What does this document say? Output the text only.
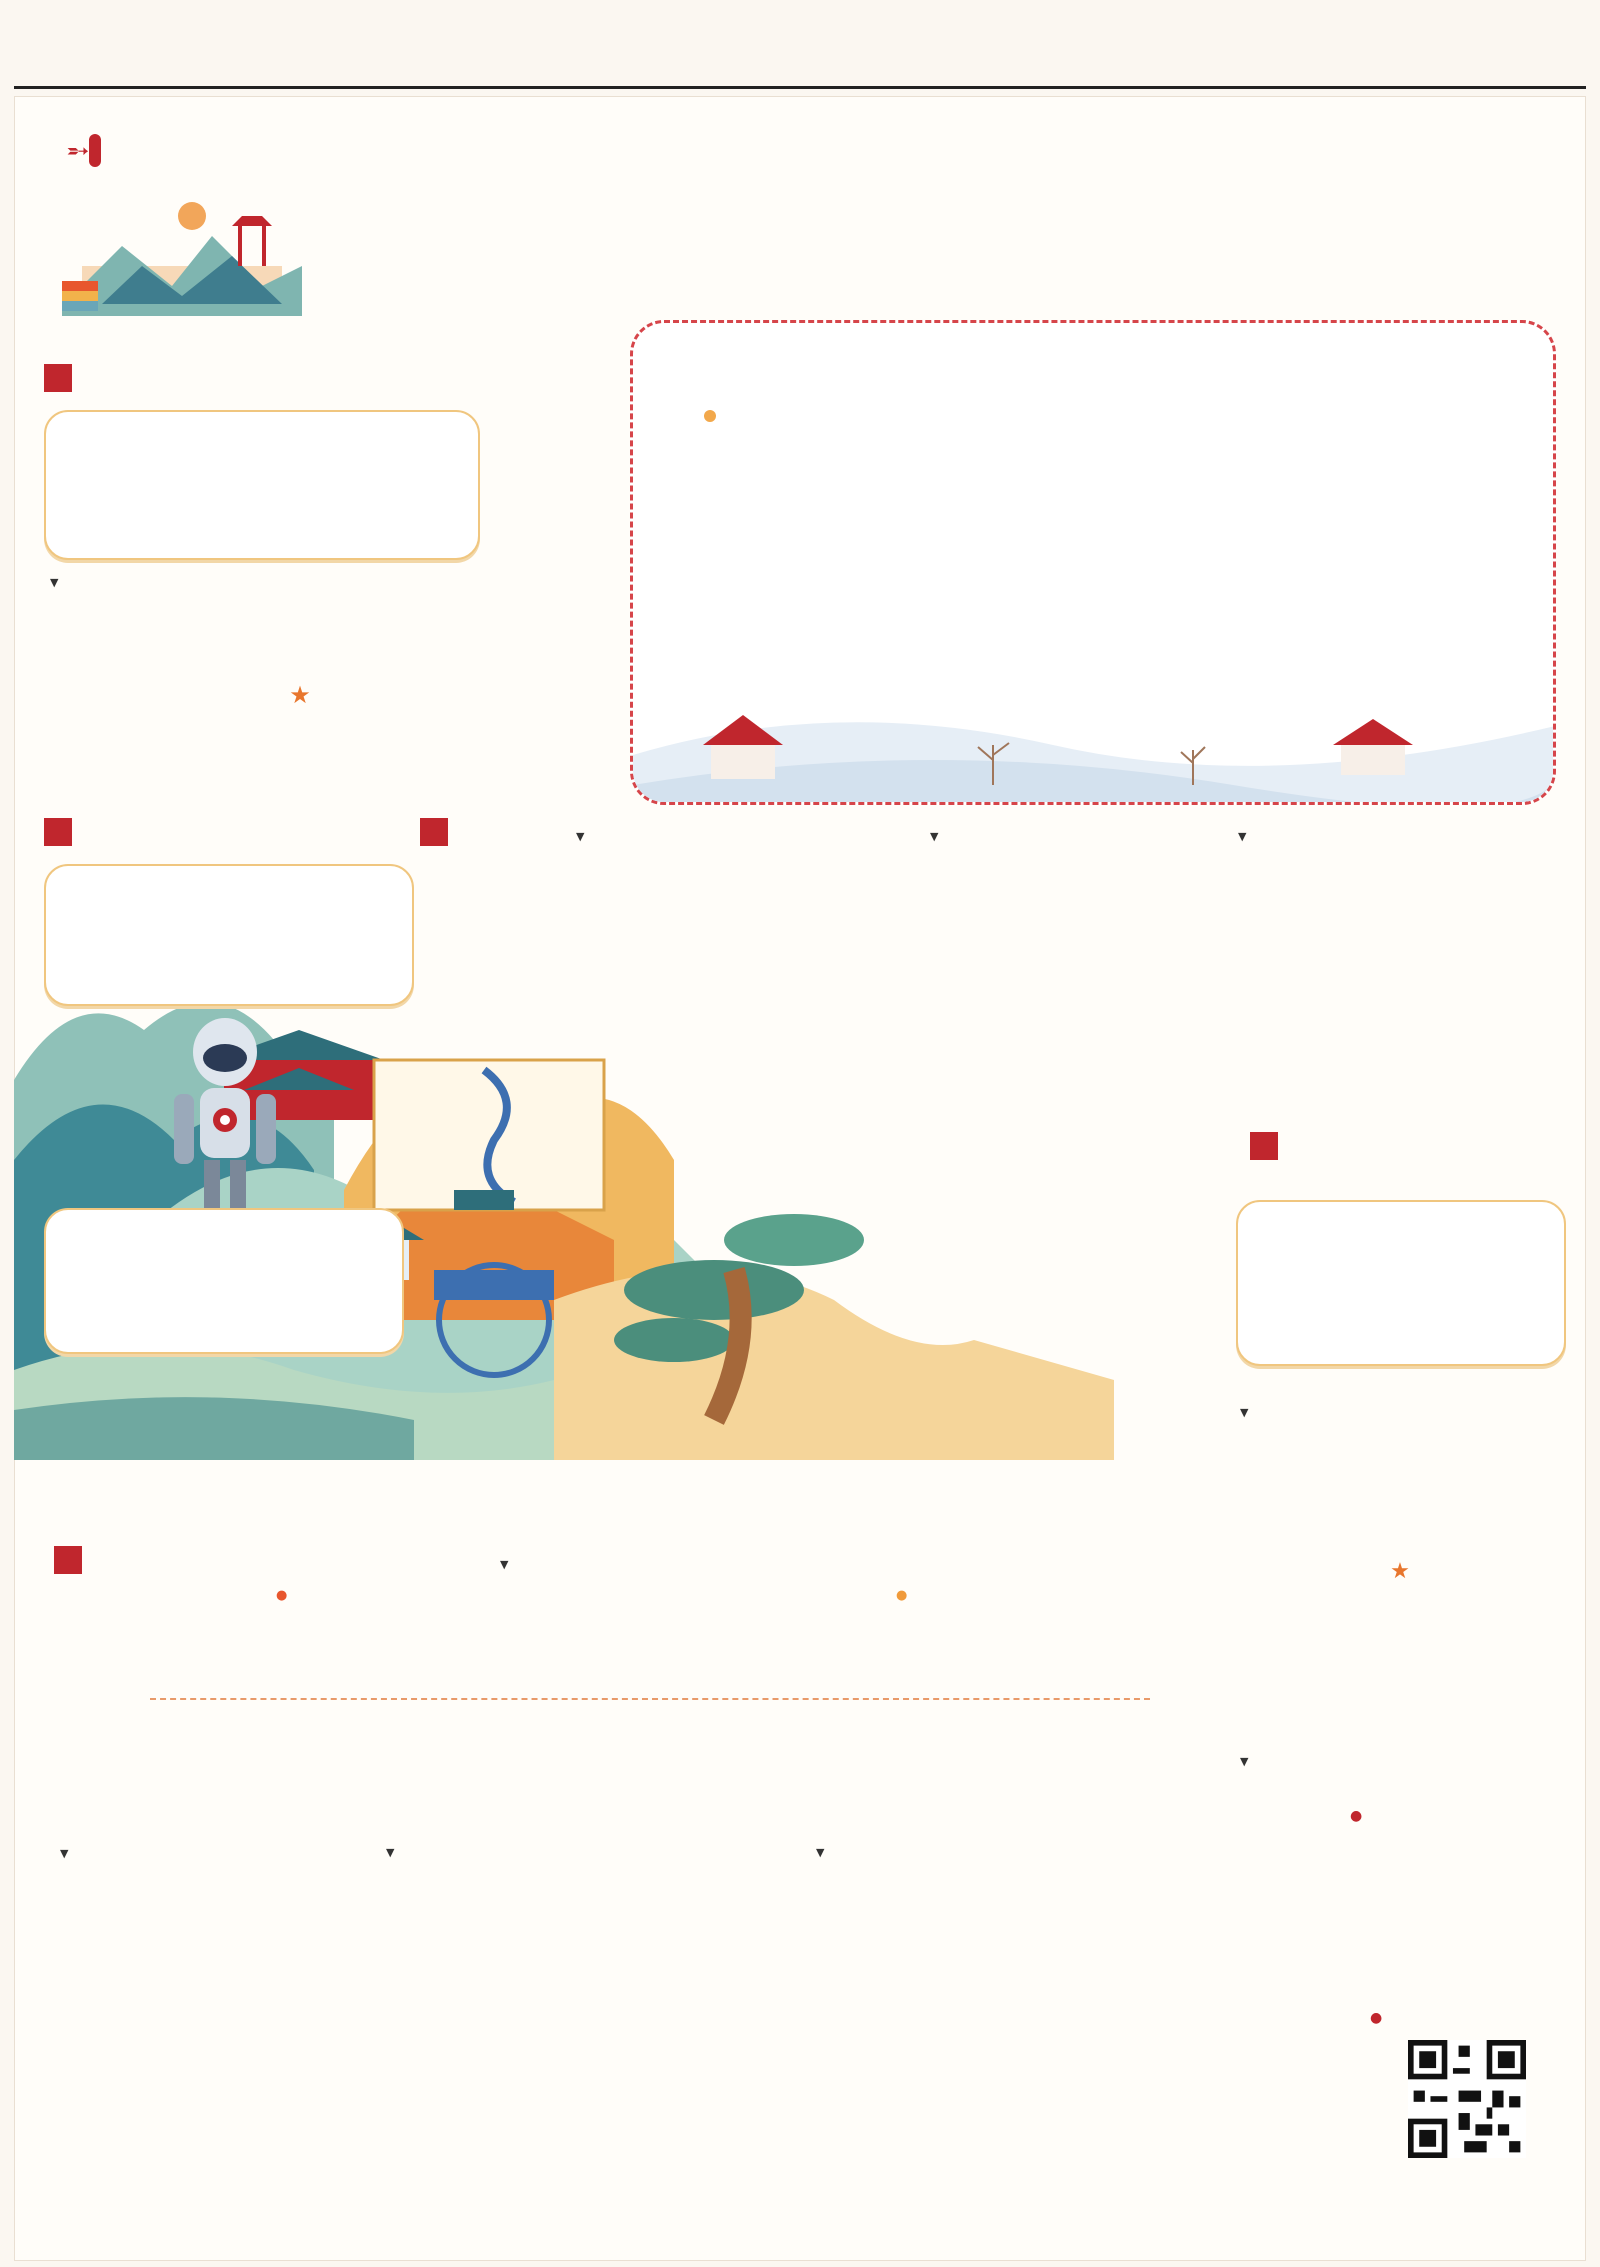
➵

▼
★

▼
▼
▼
▼
★
▼
●
●
▼
●	●
▼
▼
▼
